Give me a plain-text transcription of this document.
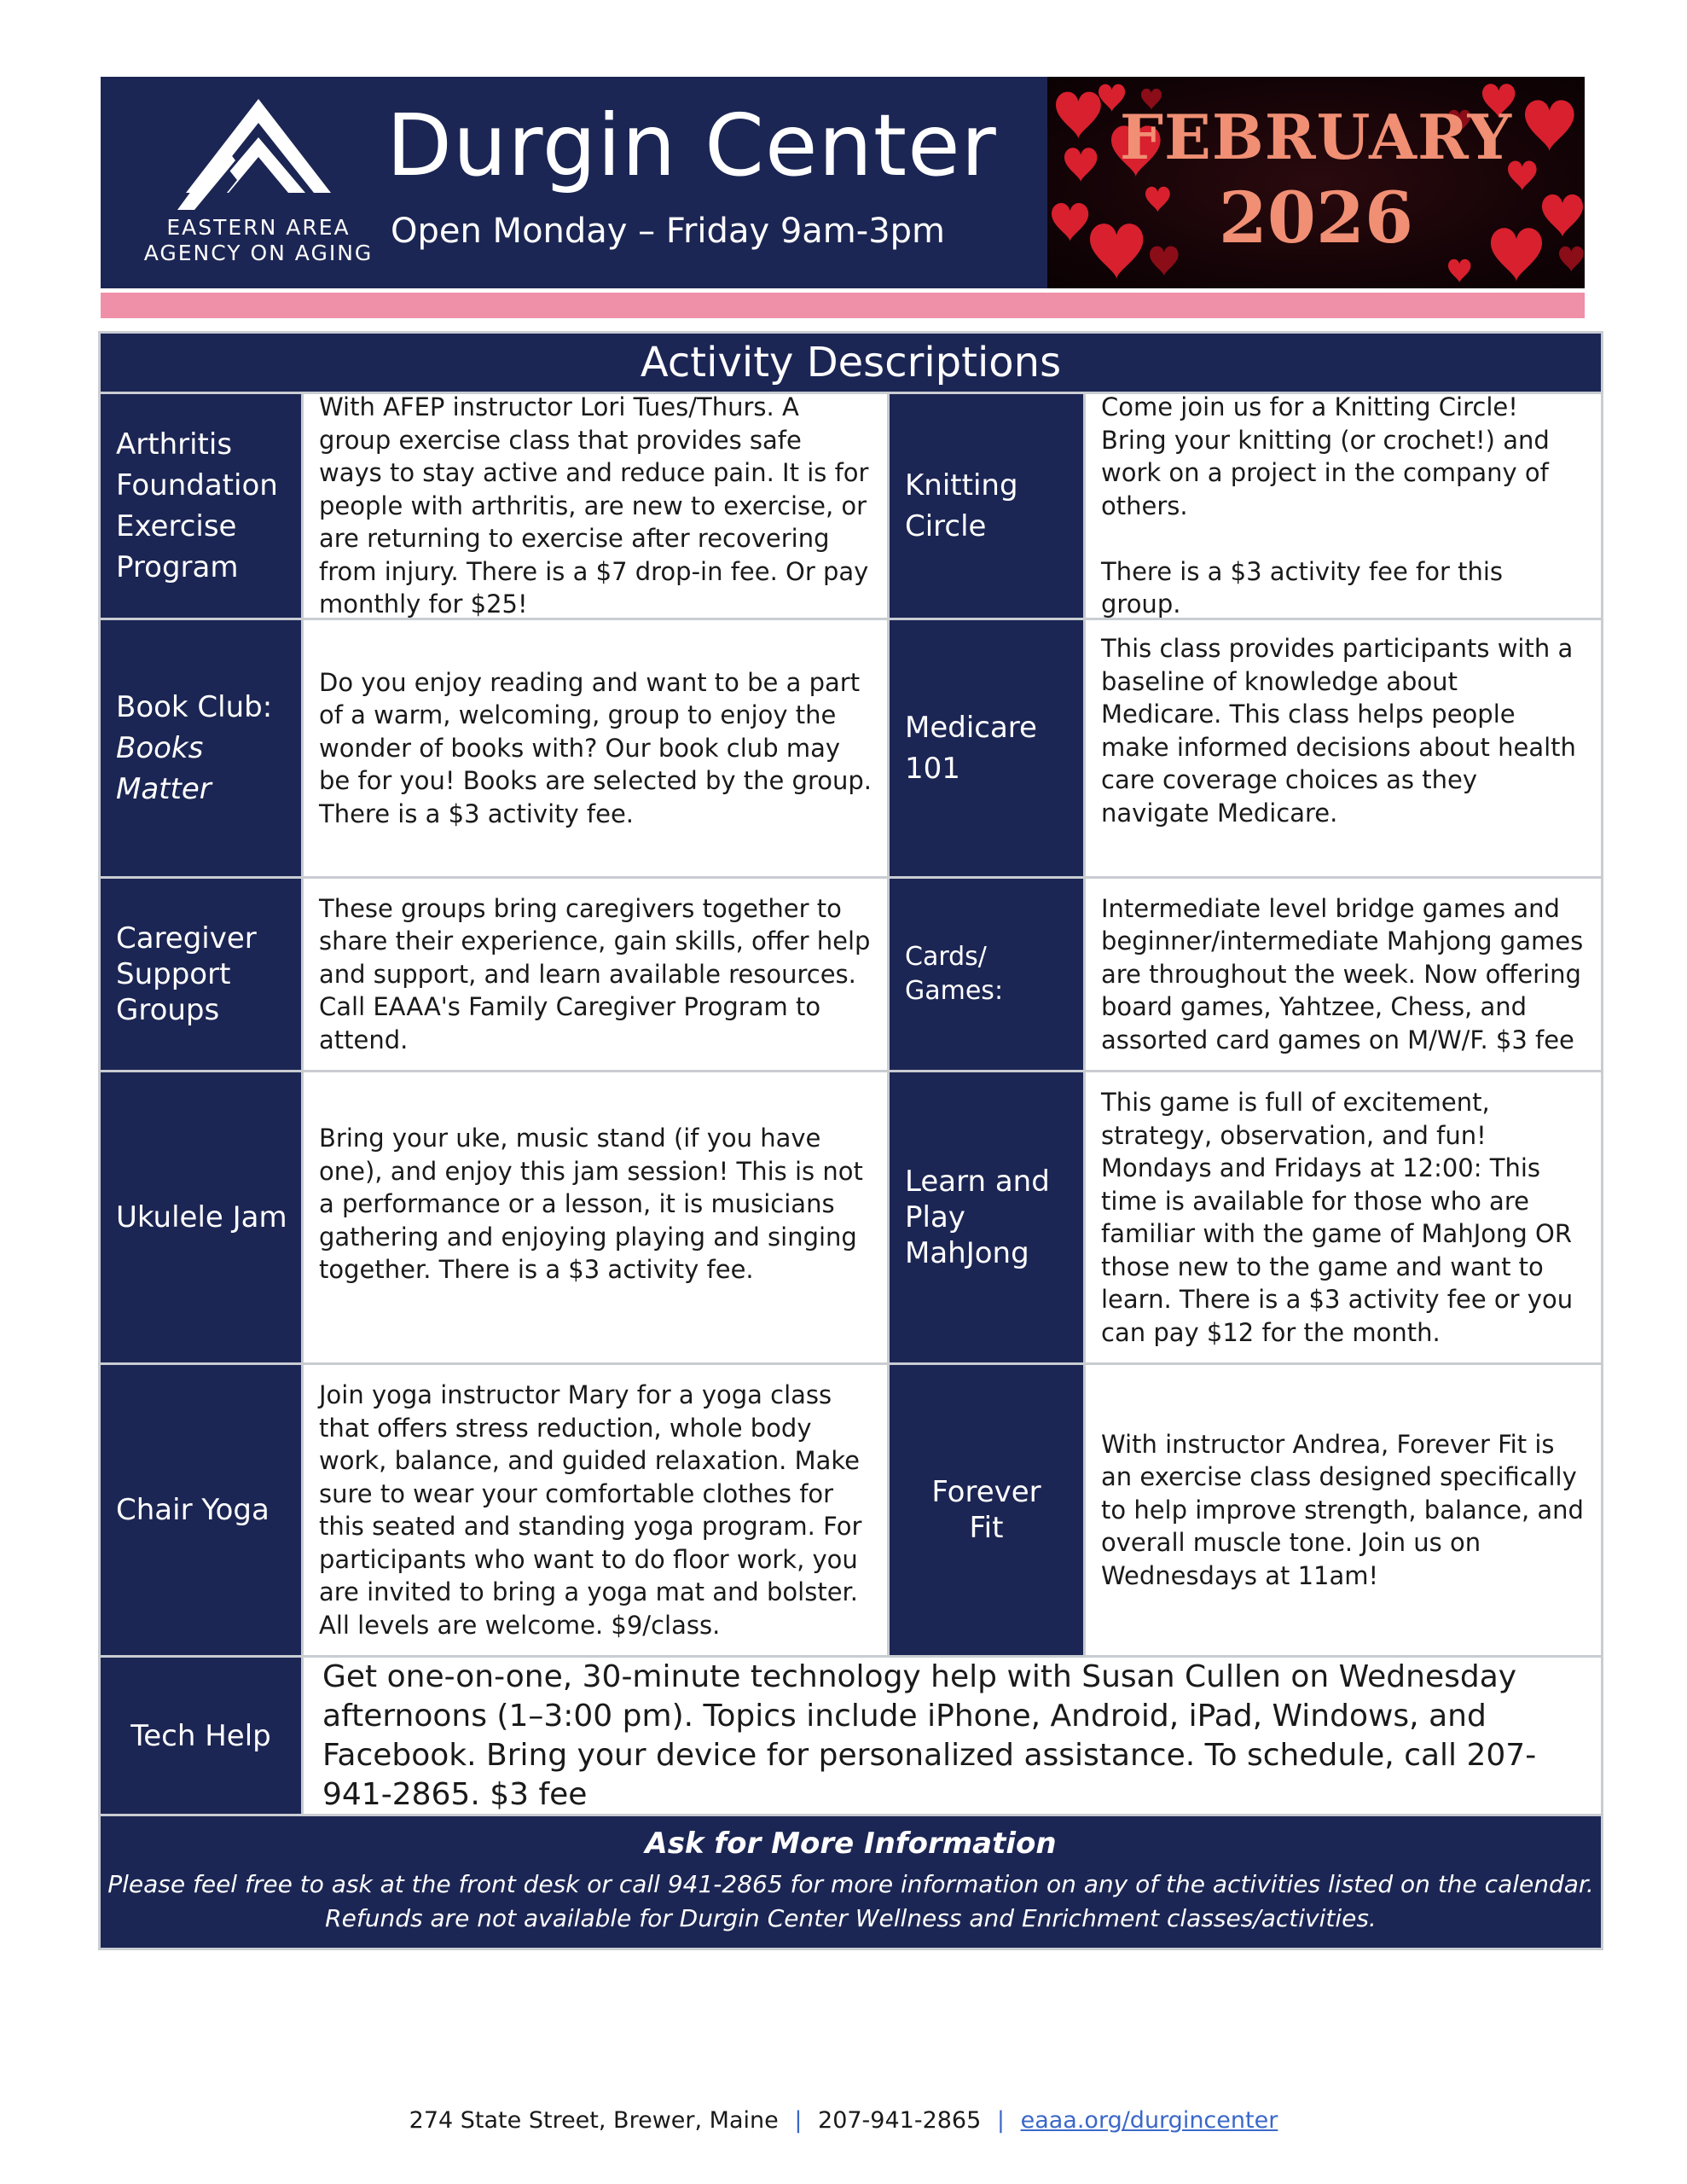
EASTERN AREA
AGENCY ON AGING
Durgin Center
Open Monday – Friday 9am-3pm
FEBRUARY
2026
Activity Descriptions
Arthritis
Foundation
Exercise
Program

With AFEP instructor Lori Tues/Thurs. A group exercise class that provides safe ways to stay active and reduce pain. It is for people with arthritis, are new to exercise, or are returning to exercise after recovering from injury. There is a $7 drop-in fee. Or pay monthly for $25!

Knitting
Circle

Come join us for a Knitting Circle! Bring your knitting (or crochet!) and work on a project in the company of others.

There is a $3 activity fee for this group.

Book Club:
Books Matter

Do you enjoy reading and want to be a part of a warm, welcoming, group to enjoy the wonder of books with? Our book club may be for you! Books are selected by the group. There is a $3 activity fee.

Medicare
101

This class provides participants with a baseline of knowledge about Medicare. This class helps people make informed decisions about health care coverage choices as they navigate Medicare.

Caregiver
Support
Groups

These groups bring caregivers together to share their experience, gain skills, offer help and support, and learn available resources. Call EAAA's Family Caregiver Program to attend.

Cards/
Games:

Intermediate level bridge games and beginner/intermediate Mahjong games are throughout the week. Now offering board games, Yahtzee, Chess, and assorted card games on M/W/F. $3 fee

Ukulele Jam

Bring your uke, music stand (if you have one), and enjoy this jam session! This is not a performance or a lesson, it is musicians gathering and enjoying playing and singing together. There is a $3 activity fee.

Learn and
Play
MahJong

This game is full of excitement, strategy, observation, and fun!
Mondays and Fridays at 12:00: This time is available for those who are familiar with the game of MahJong OR those new to the game and want to learn. There is a $3 activity fee or you can pay $12 for the month.

Chair Yoga

Join yoga instructor Mary for a yoga class that offers stress reduction, whole body work, balance, and guided relaxation. Make sure to wear your comfortable clothes for this seated and standing yoga program. For participants who want to do floor work, you are invited to bring a yoga mat and bolster. All levels are welcome. $9/class.

Forever
Fit

With instructor Andrea, Forever Fit is an exercise class designed specifically to help improve strength, balance, and overall muscle tone. Join us on Wednesdays at 11am!

Tech Help

Get one-on-one, 30-minute technology help with Susan Cullen on Wednesday afternoons (1–3:00 pm). Topics include iPhone, Android, iPad, Windows, and Facebook. Bring your device for personalized assistance. To schedule, call 207-941-2865. $3 fee

Ask for More Information
Please feel free to ask at the front desk or call 941-2865 for more information on any of the activities listed on the calendar.
Refunds are not available for Durgin Center Wellness and Enrichment classes/activities.
274 State Street, Brewer, Maine | 207-941-2865 | eaaa.org/durgincenter
